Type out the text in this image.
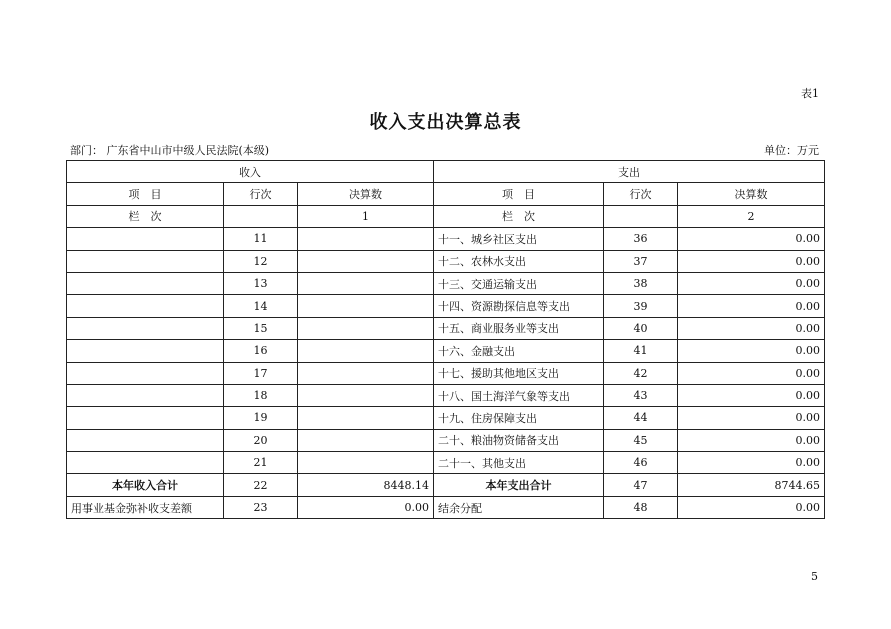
表1
收入支出决算总表
部门： 广东省中山市中级人民法院(本级)	单位：万元
收入			支出		
项　目	行次	决算数	项　目	行次	决算数
栏　次		1	栏　次		2
	11		十一、城乡社区支出	36	0.00
	12		十二、农林水支出	37	0.00
	13		十三、交通运输支出	38	0.00
	14		十四、资源勘探信息等支出	39	0.00
	15		十五、商业服务业等支出	40	0.00
	16		十六、金融支出	41	0.00
	17		十七、援助其他地区支出	42	0.00
	18		十八、国土海洋气象等支出	43	0.00
	19		十九、住房保障支出	44	0.00
	20		二十、粮油物资储备支出	45	0.00
	21		二十一、其他支出	46	0.00
本年收入合计	22	8448.14	本年支出合计	47	8744.65
用事业基金弥补收支差额	23	0.00	结余分配	48	0.00
5
